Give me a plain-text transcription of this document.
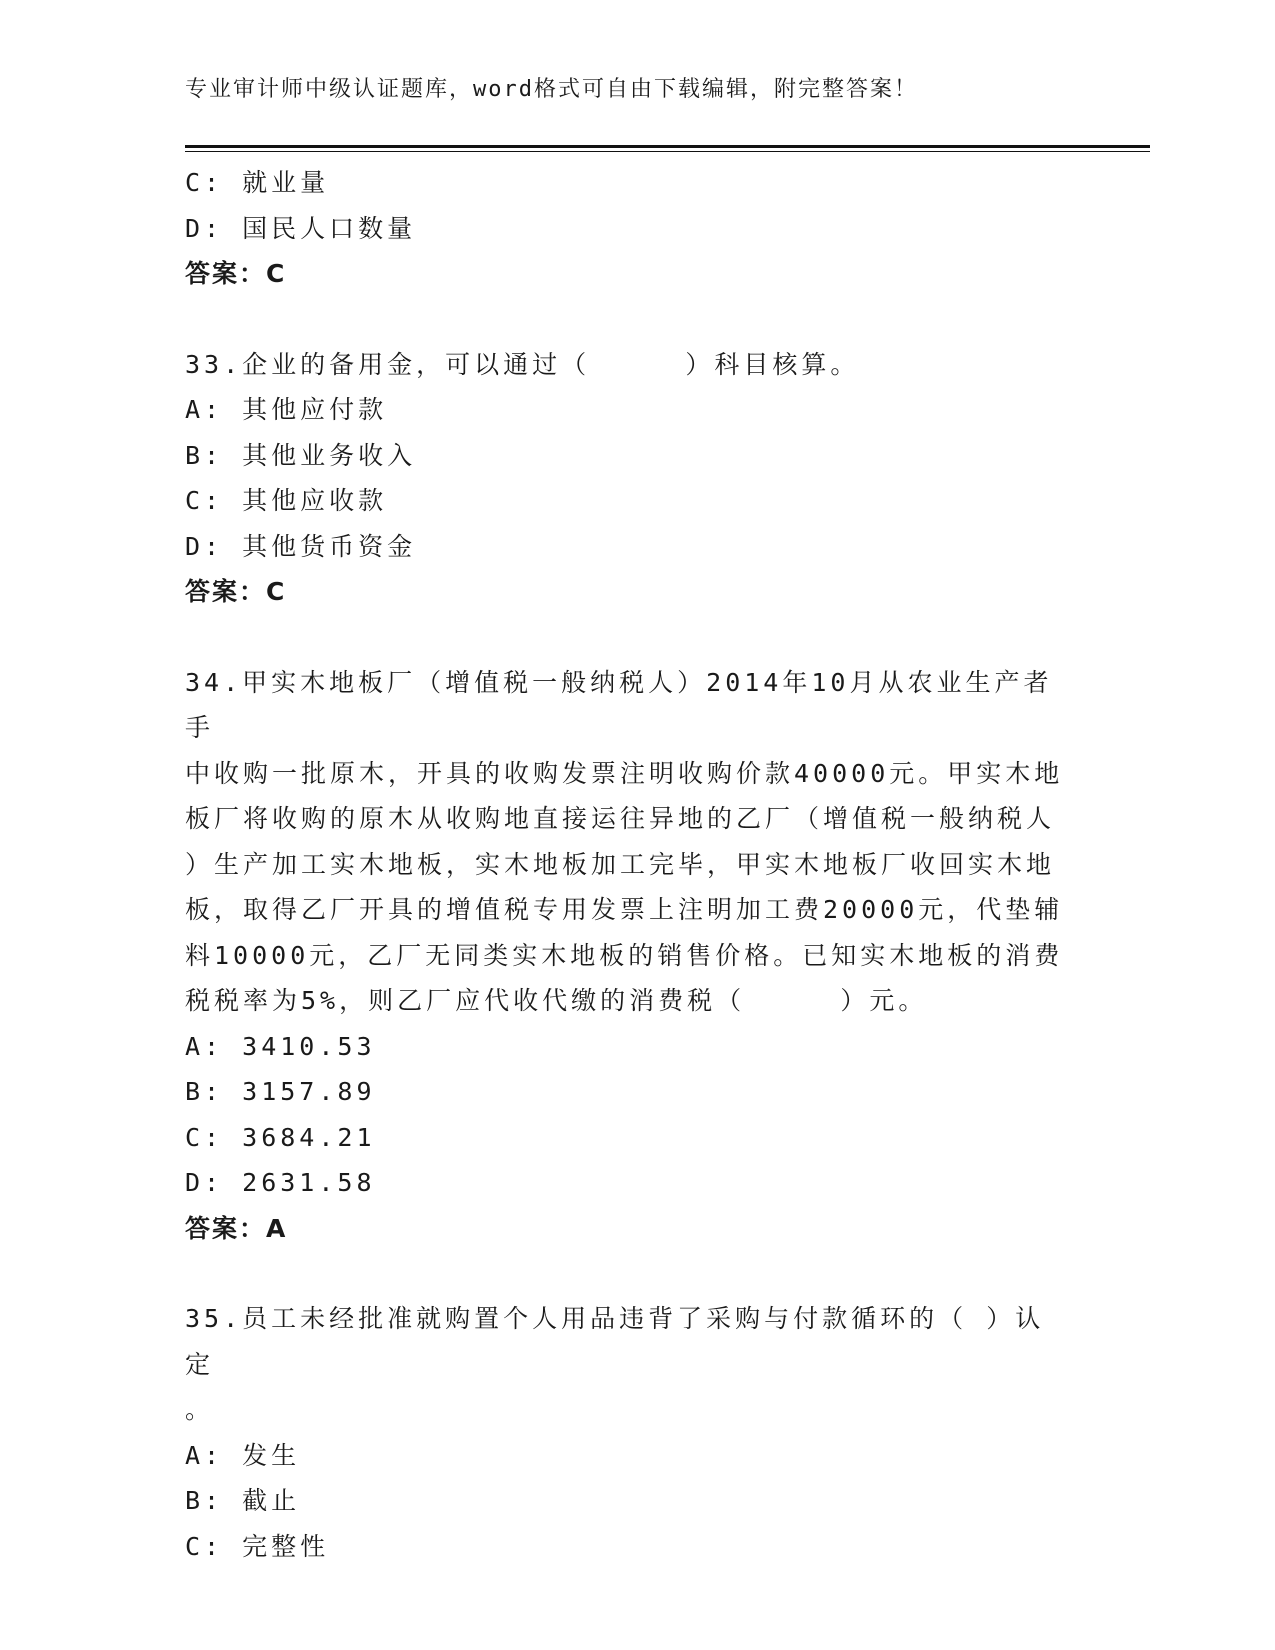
专业审计师中级认证题库，word格式可自由下载编辑，附完整答案！
C: 就业量
D: 国民人口数量
答案：C
33.企业的备用金，可以通过（     ）科目核算。
A: 其他应付款
B: 其他业务收入
C: 其他应收款
D: 其他货币资金
答案：C
34.甲实木地板厂（增值税一般纳税人）2014年10月从农业生产者手
中收购一批原木，开具的收购发票注明收购价款40000元。甲实木地
板厂将收购的原木从收购地直接运往异地的乙厂（增值税一般纳税人
）生产加工实木地板，实木地板加工完毕，甲实木地板厂收回实木地
板，取得乙厂开具的增值税专用发票上注明加工费20000元，代垫辅
料10000元，乙厂无同类实木地板的销售价格。已知实木地板的消费
税税率为5%，则乙厂应代收代缴的消费税（     ）元。
A: 3410.53
B: 3157.89
C: 3684.21
D: 2631.58
答案：A
35.员工未经批准就购置个人用品违背了采购与付款循环的（ ）认定
。
A: 发生
B: 截止
C: 完整性
